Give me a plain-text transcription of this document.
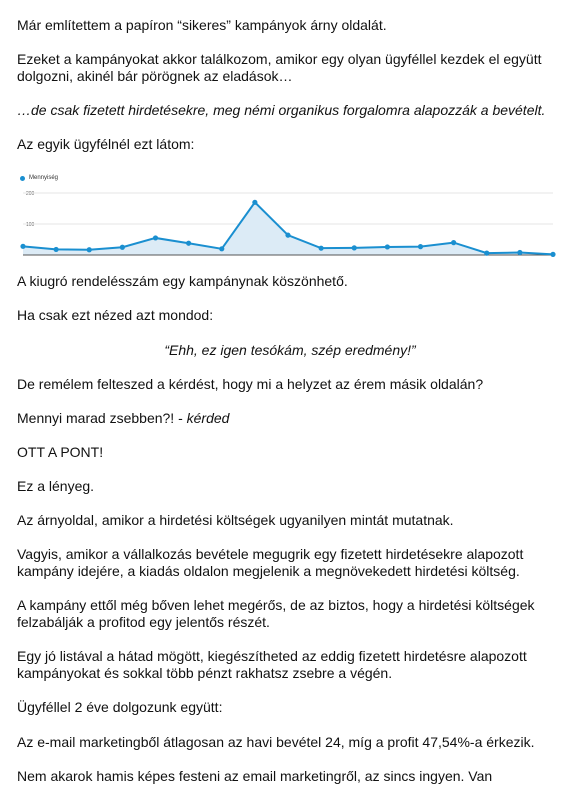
Már említettem a papíron “sikeres” kampányok árny oldalát.

Ezeket a kampányokat akkor találkozom, amikor egy olyan ügyféllel kezdek el együtt dolgozni, akinél bár pörögnek az eladások…

…de csak fizetett hirdetésekre, meg némi organikus forgalomra alapozzák a bevételt.

Az egyik ügyfélnél ezt látom:

Mennyiség
200
100

A kiugró rendelésszám egy kampánynak köszönhető.

Ha csak ezt nézed azt mondod:

“Ehh, ez igen tesókám, szép eredmény!”

De remélem felteszed a kérdést, hogy mi a helyzet az érem másik oldalán?

Mennyi marad zsebben?! - kérded

OTT A PONT!

Ez a lényeg.

Az árnyoldal, amikor a hirdetési költségek ugyanilyen mintát mutatnak.

Vagyis, amikor a vállalkozás bevétele megugrik egy fizetett hirdetésekre alapozott kampány idejére, a kiadás oldalon megjelenik a megnövekedett hirdetési költség.

A kampány ettől még bőven lehet megérős, de az biztos, hogy a hirdetési költségek felzabálják a profitod egy jelentős részét.

Egy jó listával a hátad mögött, kiegészítheted az eddig fizetett hirdetésre alapozott kampányokat és sokkal több pénzt rakhatsz zsebre a végén.

Ügyféllel 2 éve dolgozunk együtt:

Az e-mail marketingből átlagosan az havi bevétel 24, míg a profit 47,54%-a érkezik.

Nem akarok hamis képes festeni az email marketingről, az sincs ingyen. Van
